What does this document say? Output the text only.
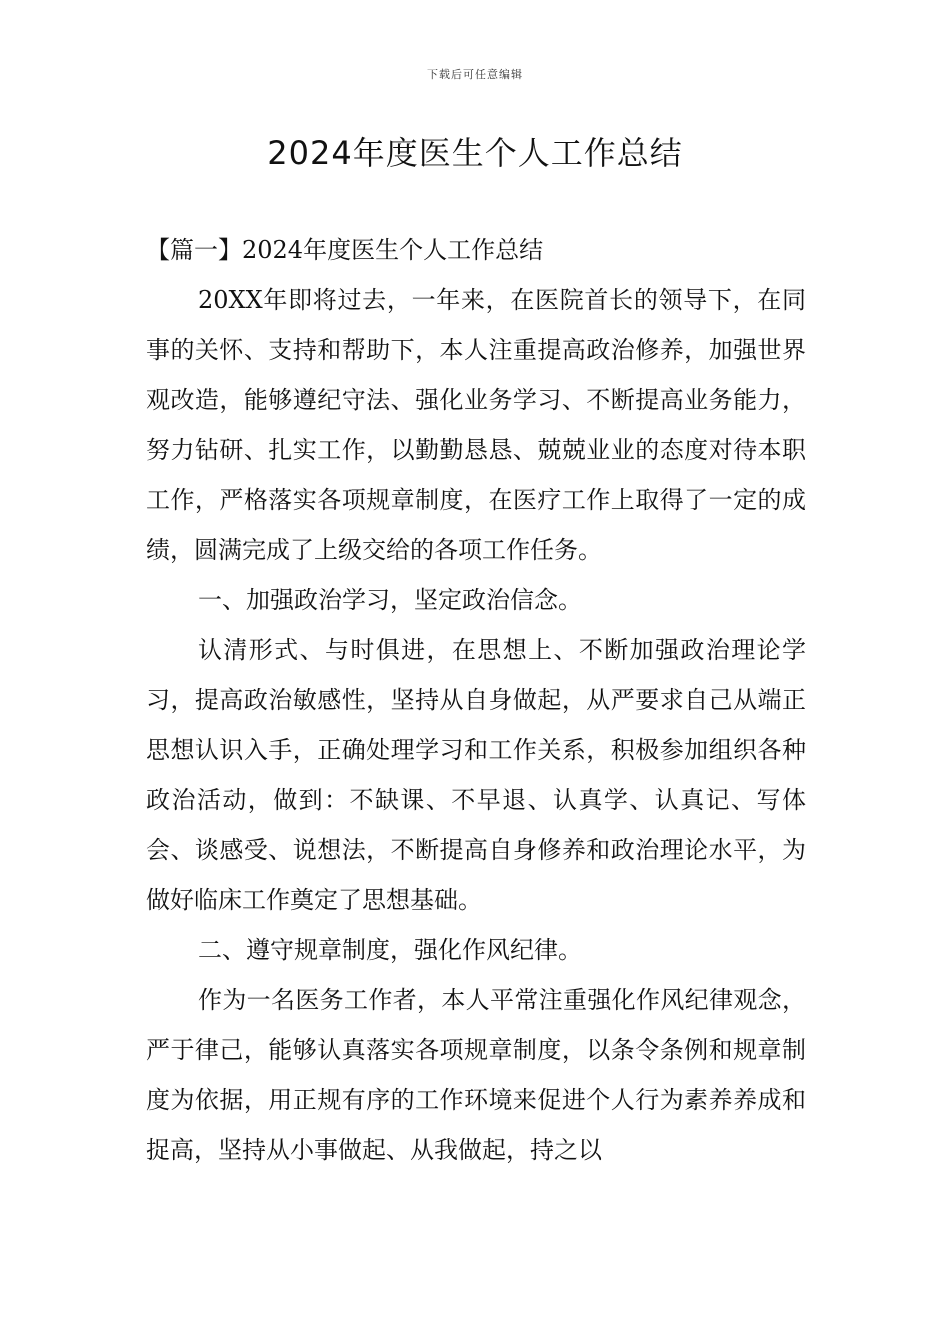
下载后可任意编辑
2024年度医生个人工作总结

【篇一】2024年度医生个人工作总结

20XX年即将过去，一年来，在医院首长的领导下，在同事的关怀、支持和帮助下，本人注重提高政治修养，加强世界观改造，能够遵纪守法、强化业务学习、不断提高业务能力，努力钻研、扎实工作，以勤勤恳恳、兢兢业业的态度对待本职工作，严格落实各项规章制度，在医疗工作上取得了一定的成绩，圆满完成了上级交给的各项工作任务。

一、加强政治学习，坚定政治信念。

认清形式、与时俱进，在思想上、不断加强政治理论学习，提高政治敏感性，坚持从自身做起，从严要求自己从端正思想认识入手，正确处理学习和工作关系，积极参加组织各种政治活动，做到：不缺课、不早退、认真学、认真记、写体会、谈感受、说想法，不断提高自身修养和政治理论水平，为做好临床工作奠定了思想基础。

二、遵守规章制度，强化作风纪律。

作为一名医务工作者，本人平常注重强化作风纪律观念，严于律己，能够认真落实各项规章制度，以条令条例和规章制度为依据，用正规有序的工作环境来促进个人行为素养养成和捉高，坚持从小事做起、从我做起，持之以
